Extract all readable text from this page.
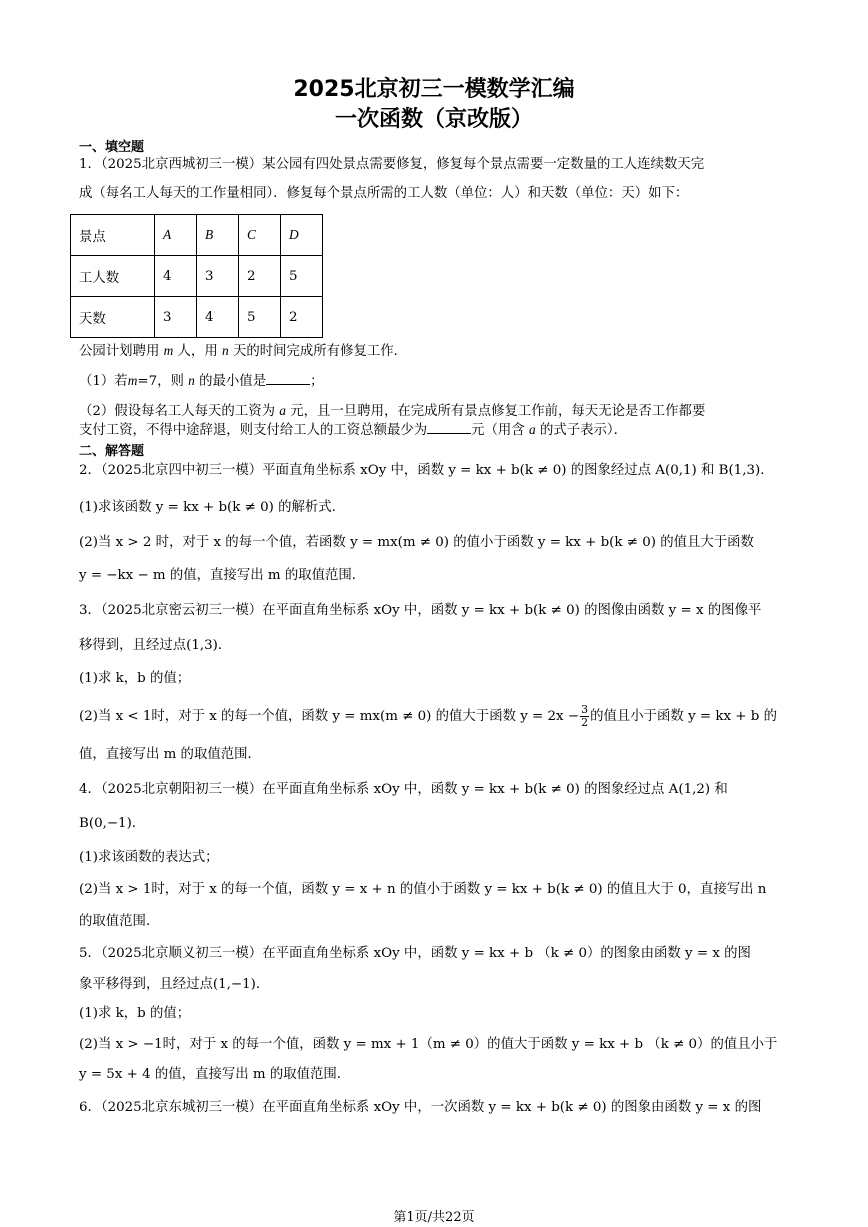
2025北京初三一模数学汇编
一次函数（京改版）
一、填空题
1．（2025北京西城初三一模）某公园有四处景点需要修复，修复每个景点需要一定数量的工人连续数天完
成（每名工人每天的工作量相同）．修复每个景点所需的工人数（单位：人）和天数（单位：天）如下：
景点	A	B	C	D
工人数	4	3	2	5
天数	3	4	5	2
公园计划聘用 m 人，用 n 天的时间完成所有修复工作．
（1）若m=7，则 n 的最小值是	；
（2）假设每名工人每天的工资为 a 元，且一旦聘用，在完成所有景点修复工作前，每天无论是否工作都要
支付工资，不得中途辞退，则支付给工人的工资总额最少为	元（用含 a 的式子表示）．
二、解答题
2．（2025北京四中初三一模）平面直角坐标系 xOy 中，函数 y = kx + b(k ≠ 0) 的图象经过点 A(0,1) 和 B(1,3)．
(1)求该函数 y = kx + b(k ≠ 0) 的解析式．
(2)当 x > 2 时，对于 x 的每一个值，若函数 y = mx(m ≠ 0) 的值小于函数 y = kx + b(k ≠ 0) 的值且大于函数
y = −kx − m 的值，直接写出 m 的取值范围．
3．（2025北京密云初三一模）在平面直角坐标系 xOy 中，函数 y = kx + b(k ≠ 0) 的图像由函数 y = x 的图像平
移得到，且经过点(1,3)．
(1)求 k，b 的值；
(2)当 x < 1时，对于 x 的每一个值，函数 y = mx(m ≠ 0) 的值大于函数 $y = 2x - \frac{3}{2}$ 的值且小于函数 y = kx + b 的
值，直接写出 m 的取值范围．
4．（2025北京朝阳初三一模）在平面直角坐标系 xOy 中，函数 y = kx + b(k ≠ 0) 的图象经过点 A(1,2) 和
B(0,−1)．
(1)求该函数的表达式；
(2)当 x > 1时，对于 x 的每一个值，函数 y = x + n 的值小于函数 y = kx + b(k ≠ 0) 的值且大于 0，直接写出 n
的取值范围．
5．（2025北京顺义初三一模）在平面直角坐标系 xOy 中，函数 y = kx + b （k ≠ 0）的图象由函数 y = x 的图
象平移得到，且经过点(1,−1)．
(1)求 k，b 的值；
(2)当 x > −1时，对于 x 的每一个值，函数 y = mx + 1（m ≠ 0）的值大于函数 y = kx + b （k ≠ 0）的值且小于
y = 5x + 4 的值，直接写出 m 的取值范围．
6．（2025北京东城初三一模）在平面直角坐标系 xOy 中，一次函数 y = kx + b(k ≠ 0) 的图象由函数 y = x 的图
第1页/共22页
